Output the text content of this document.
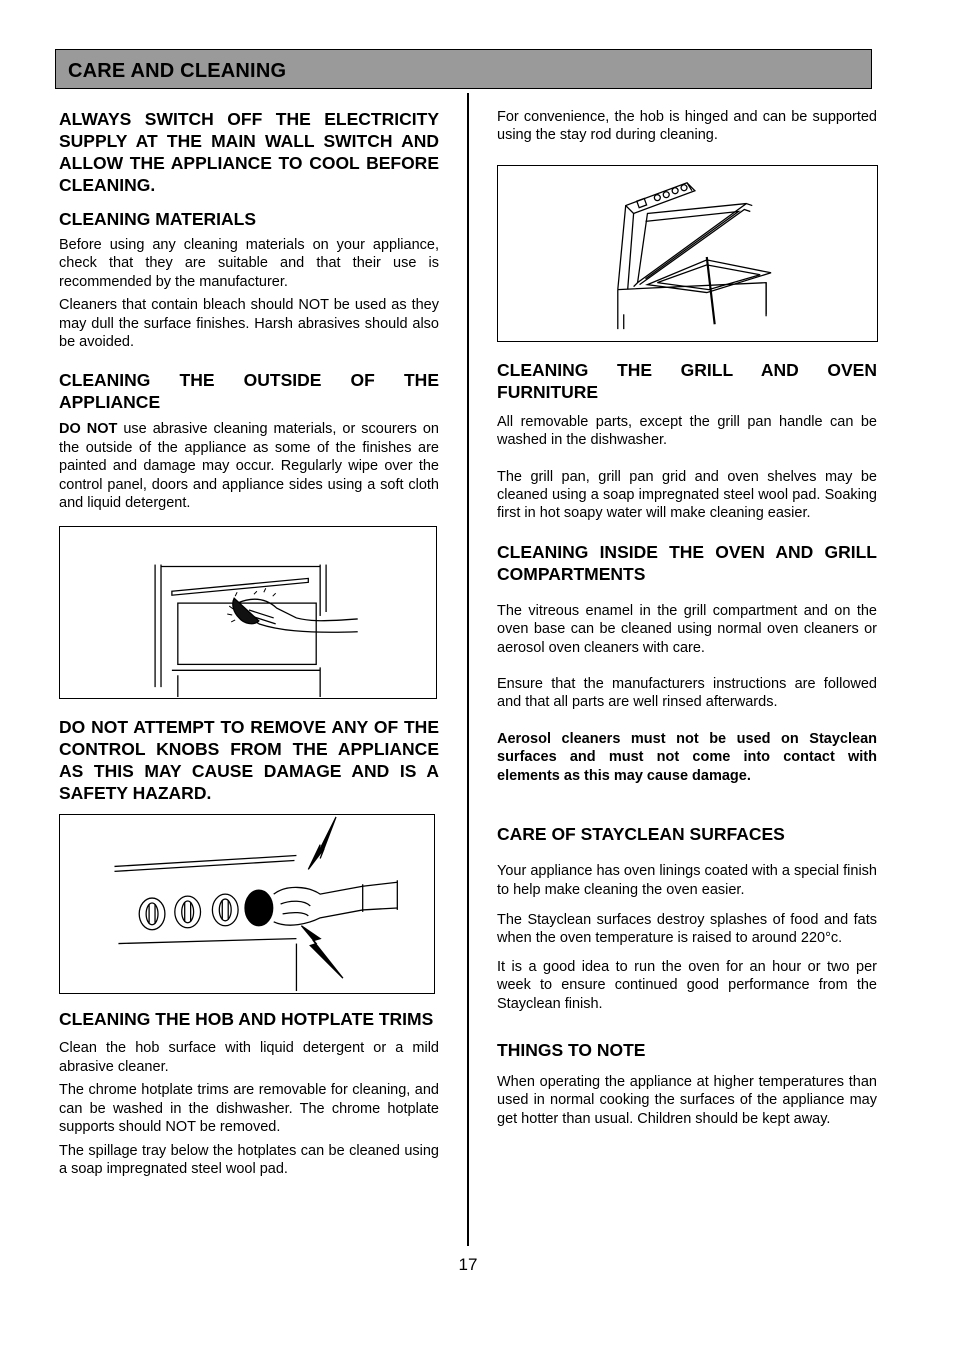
CARE AND CLEANING
ALWAYS SWITCH OFF THE ELECTRICITY SUPPLY AT THE MAIN WALL SWITCH AND ALLOW THE APPLIANCE TO COOL BEFORE CLEANING.
CLEANING MATERIALS

Before using any cleaning materials on your appliance, check that they are suitable and that their use is recommended by the manufacturer.

Cleaners that contain bleach should NOT be used as they may dull the surface finishes. Harsh abrasives should also be avoided.

CLEANING THE OUTSIDE OF THE APPLIANCE

DO NOT use abrasive cleaning materials, or scourers on the outside of the appliance as some of the finishes are painted and damage may occur. Regularly wipe over the control panel, doors and appliance sides using a soft cloth and liquid detergent.

DO NOT ATTEMPT TO REMOVE ANY OF THE CONTROL KNOBS FROM THE APPLIANCE AS THIS MAY CAUSE DAMAGE AND IS A SAFETY HAZARD.
CLEANING THE HOB AND HOTPLATE TRIMS

Clean the hob surface with liquid detergent or a mild abrasive cleaner.

The chrome hotplate trims are removable for cleaning, and can be washed in the dishwasher. The chrome hotplate supports should NOT be removed.

The spillage tray below the hotplates can be cleaned using a soap impregnated steel wool pad.

For convenience, the hob is hinged and can be supported using the stay rod during cleaning.

CLEANING THE GRILL AND OVEN FURNITURE

All removable parts, except the grill pan handle can be washed in the dishwasher.

The grill pan, grill pan grid and oven shelves may be cleaned using a soap impregnated steel wool pad. Soaking first in hot soapy water will make cleaning easier.

CLEANING INSIDE THE OVEN AND GRILL COMPARTMENTS

The vitreous enamel in the grill compartment and on the oven base can be cleaned using normal oven cleaners or aerosol oven cleaners with care.

Ensure that the manufacturers instructions are followed and that all parts are well rinsed afterwards.

Aerosol cleaners must not be used on Stayclean surfaces and must not come into contact with elements as this may cause damage.

CARE OF STAYCLEAN SURFACES

Your appliance has oven linings coated with a special finish to help make cleaning the oven easier.

The Stayclean surfaces destroy splashes of food and fats when the oven temperature is raised to around 220°c.

It is a good idea to run the oven for an hour or two per week to ensure continued good performance from the Stayclean finish.

THINGS TO NOTE

When operating the appliance at higher temperatures than used in normal cooking the surfaces of the appliance may get hotter than usual. Children should be kept away.

17
